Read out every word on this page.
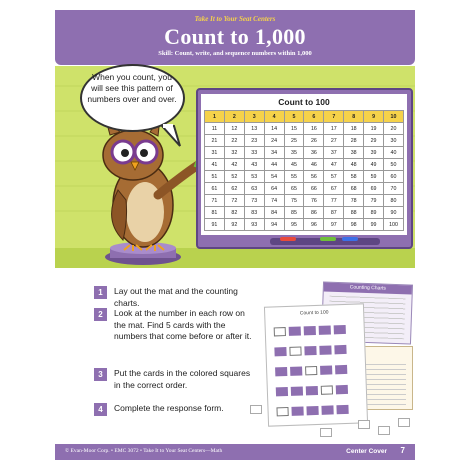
Take It to Your Seat Centers
Count to 1,000
Skill: Count, write, and sequence numbers within 1,000
When you count, you will see this pattern of numbers over and over.	Count to 100
1	2	3	4	5	6	7	8	9	10
11	12	13	14	15	16	17	18	19	20
21	22	23	24	25	26	27	28	29	30
31	32	33	34	35	36	37	38	39	40
41	42	43	44	45	46	47	48	49	50
51	52	53	54	55	56	57	58	59	60
61	62	63	64	65	66	67	68	69	70
71	72	73	74	75	76	77	78	79	80
81	82	83	84	85	86	87	88	89	90
91	92	93	94	95	96	97	98	99	100
1	Lay out the mat and the counting charts.
2	Look at the number in each row on the mat. Find 5 cards with the numbers that come before or after it.
3	Put the cards in the colored squares in the correct order.
4	Complete the response form.
Counting Charts
Count to 100
© Evan-Moor Corp. • EMC 3072 • Take It to Your Seat Centers—Math	Center Cover 7
